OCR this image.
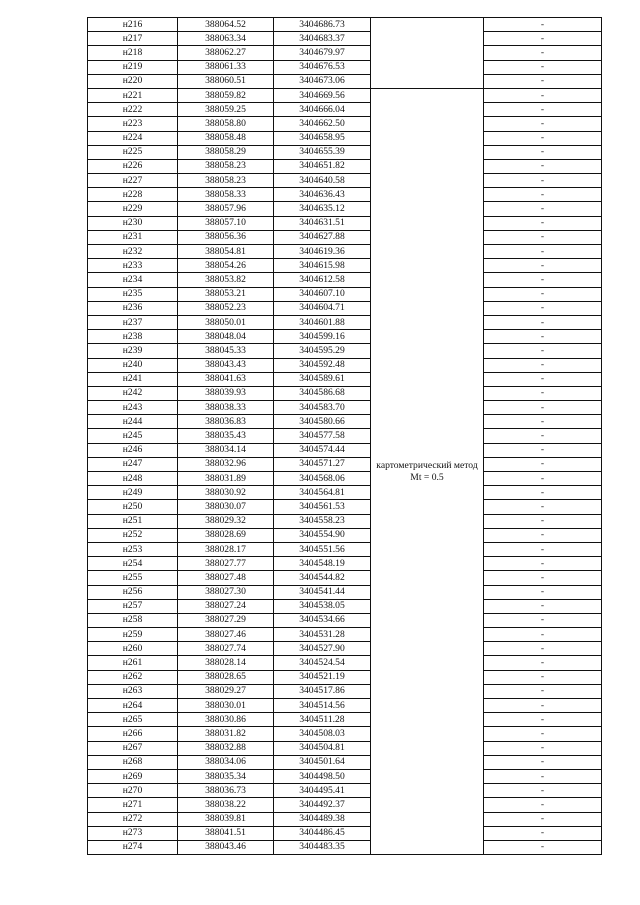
н216	388064.52	3404686.73		-
н217	388063.34	3404683.37		-
н218	388062.27	3404679.97		-
н219	388061.33	3404676.53		-
н220	388060.51	3404673.06		-
н221	388059.82	3404669.56	картометрический метод Mt = 0.5	-
н222	388059.25	3404666.04		-
н223	388058.80	3404662.50		-
н224	388058.48	3404658.95		-
н225	388058.29	3404655.39		-
н226	388058.23	3404651.82		-
н227	388058.23	3404640.58		-
н228	388058.33	3404636.43		-
н229	388057.96	3404635.12		-
н230	388057.10	3404631.51		-
н231	388056.36	3404627.88		-
н232	388054.81	3404619.36		-
н233	388054.26	3404615.98		-
н234	388053.82	3404612.58		-
н235	388053.21	3404607.10		-
н236	388052.23	3404604.71		-
н237	388050.01	3404601.88		-
н238	388048.04	3404599.16		-
н239	388045.33	3404595.29		-
н240	388043.43	3404592.48		-
н241	388041.63	3404589.61		-
н242	388039.93	3404586.68		-
н243	388038.33	3404583.70		-
н244	388036.83	3404580.66		-
н245	388035.43	3404577.58		-
н246	388034.14	3404574.44		-
н247	388032.96	3404571.27		-
н248	388031.89	3404568.06		-
н249	388030.92	3404564.81		-
н250	388030.07	3404561.53		-
н251	388029.32	3404558.23		-
н252	388028.69	3404554.90		-
н253	388028.17	3404551.56		-
н254	388027.77	3404548.19		-
н255	388027.48	3404544.82		-
н256	388027.30	3404541.44		-
н257	388027.24	3404538.05		-
н258	388027.29	3404534.66		-
н259	388027.46	3404531.28		-
н260	388027.74	3404527.90		-
н261	388028.14	3404524.54		-
н262	388028.65	3404521.19		-
н263	388029.27	3404517.86		-
н264	388030.01	3404514.56		-
н265	388030.86	3404511.28		-
н266	388031.82	3404508.03		-
н267	388032.88	3404504.81		-
н268	388034.06	3404501.64		-
н269	388035.34	3404498.50		-
н270	388036.73	3404495.41		-
н271	388038.22	3404492.37		-
н272	388039.81	3404489.38		-
н273	388041.51	3404486.45		-
н274	388043.46	3404483.35		-
